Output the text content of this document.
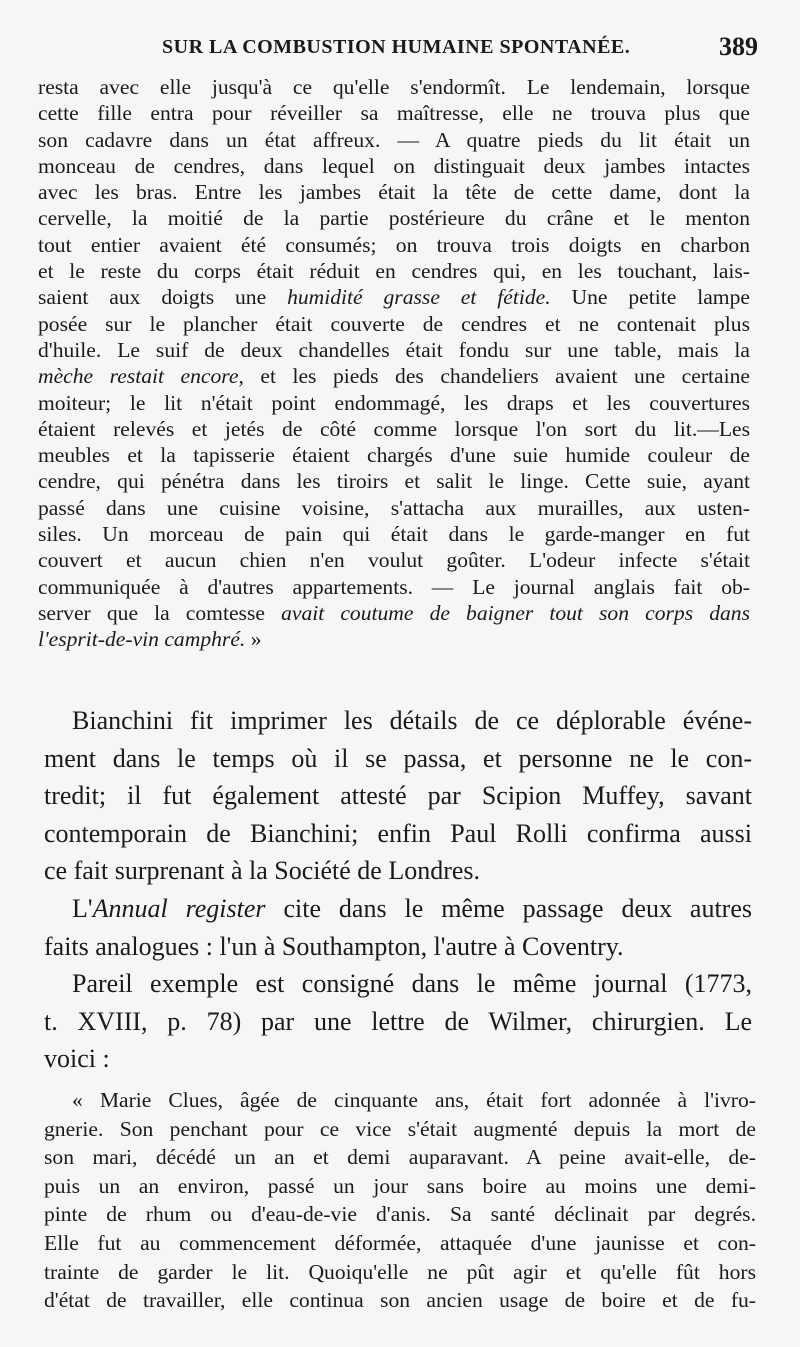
SUR LA COMBUSTION HUMAINE SPONTANÉE.	389
resta avec elle jusqu'à ce qu'elle s'endormît. Le lendemain, lorsque
cette fille entra pour réveiller sa maîtresse, elle ne trouva plus que
son cadavre dans un état affreux. — A quatre pieds du lit était un
monceau de cendres, dans lequel on distinguait deux jambes intactes
avec les bras. Entre les jambes était la tête de cette dame, dont la
cervelle, la moitié de la partie postérieure du crâne et le menton
tout entier avaient été consumés; on trouva trois doigts en charbon
et le reste du corps était réduit en cendres qui, en les touchant, lais-
saient aux doigts une humidité grasse et fétide. Une petite lampe
posée sur le plancher était couverte de cendres et ne contenait plus
d'huile. Le suif de deux chandelles était fondu sur une table, mais la
mèche restait encore, et les pieds des chandeliers avaient une certaine
moiteur; le lit n'était point endommagé, les draps et les couvertures
étaient relevés et jetés de côté comme lorsque l'on sort du lit.—Les
meubles et la tapisserie étaient chargés d'une suie humide couleur de
cendre, qui pénétra dans les tiroirs et salit le linge. Cette suie, ayant
passé dans une cuisine voisine, s'attacha aux murailles, aux usten-
siles. Un morceau de pain qui était dans le garde-manger en fut
couvert et aucun chien n'en voulut goûter. L'odeur infecte s'était
communiquée à d'autres appartements. — Le journal anglais fait ob-
server que la comtesse avait coutume de baigner tout son corps dans
l'esprit-de-vin camphré. »
Bianchini fit imprimer les détails de ce déplorable événe-
ment dans le temps où il se passa, et personne ne le con-
tredit; il fut également attesté par Scipion Muffey, savant
contemporain de Bianchini; enfin Paul Rolli confirma aussi
ce fait surprenant à la Société de Londres.
L'Annual register cite dans le même passage deux autres
faits analogues : l'un à Southampton, l'autre à Coventry.
Pareil exemple est consigné dans le même journal (1773,
t. XVIII, p. 78) par une lettre de Wilmer, chirurgien. Le
voici :
« Marie Clues, âgée de cinquante ans, était fort adonnée à l'ivro-
gnerie. Son penchant pour ce vice s'était augmenté depuis la mort de
son mari, décédé un an et demi auparavant. A peine avait-elle, de-
puis un an environ, passé un jour sans boire au moins une demi-
pinte de rhum ou d'eau-de-vie d'anis. Sa santé déclinait par degrés.
Elle fut au commencement déformée, attaquée d'une jaunisse et con-
trainte de garder le lit. Quoiqu'elle ne pût agir et qu'elle fût hors
d'état de travailler, elle continua son ancien usage de boire et de fu-
